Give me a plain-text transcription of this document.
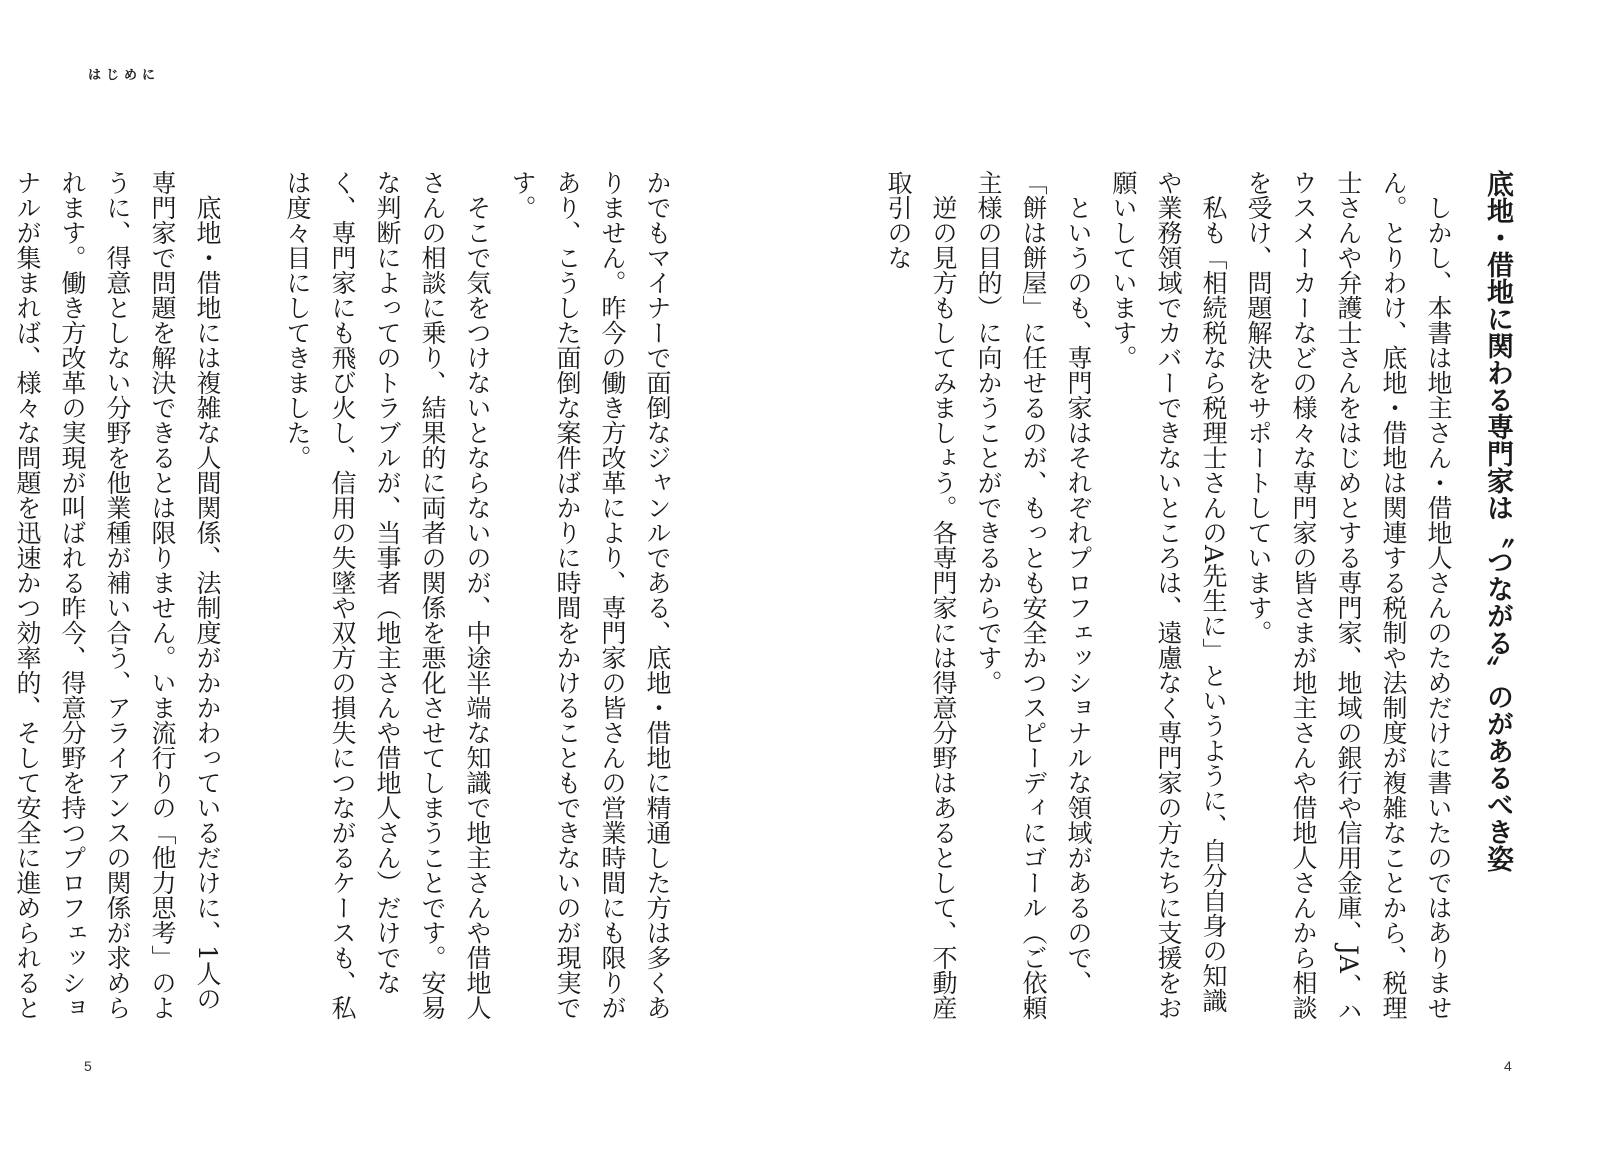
はじめに
底地・借地に関わる専門家は〝つながる〟のがあるべき姿

しかし、本書は地主さん・借地人さんのためだけに書いたのではありません。とりわけ、底地・借地は関連する税制や法制度が複雑なことから、税理士さんや弁護士さんをはじめとする専門家、地域の銀行や信用金庫、JA、ハウスメーカーなどの様々な専門家の皆さまが地主さんや借地人さんから相談を受け、問題解決をサポートしています。

私も「相続税なら税理士さんのA先生に」というように、自分自身の知識や業務領域でカバーできないところは、遠慮なく専門家の方たちに支援をお願いしています。

というのも、専門家はそれぞれプロフェッショナルな領域があるので、「餅は餅屋」に任せるのが、もっとも安全かつスピーディにゴール（ご依頼主様の目的）に向かうことができるからです。

逆の見方もしてみましょう。各専門家には得意分野はあるとして、不動産取引のな

かでもマイナーで面倒なジャンルである、底地・借地に精通した方は多くありません。昨今の働き方改革により、専門家の皆さんの営業時間にも限りがあり、こうした面倒な案件ばかりに時間をかけることもできないのが現実です。

そこで気をつけないとならないのが、中途半端な知識で地主さんや借地人さんの相談に乗り、結果的に両者の関係を悪化させてしまうことです。安易な判断によってのトラブルが、当事者（地主さんや借地人さん）だけでなく、専門家にも飛び火し、信用の失墜や双方の損失につながるケースも、私は度々目にしてきました。

底地・借地には複雑な人間関係、法制度がかかわっているだけに、1人の専門家で問題を解決できるとは限りません。いま流行りの「他力思考」のように、得意としない分野を他業種が補い合う、アライアンスの関係が求められます。働き方改革の実現が叫ばれる昨今、得意分野を持つプロフェッショナルが集まれば、様々な問題を迅速かつ効率的、そして安全に進められると

5	4
